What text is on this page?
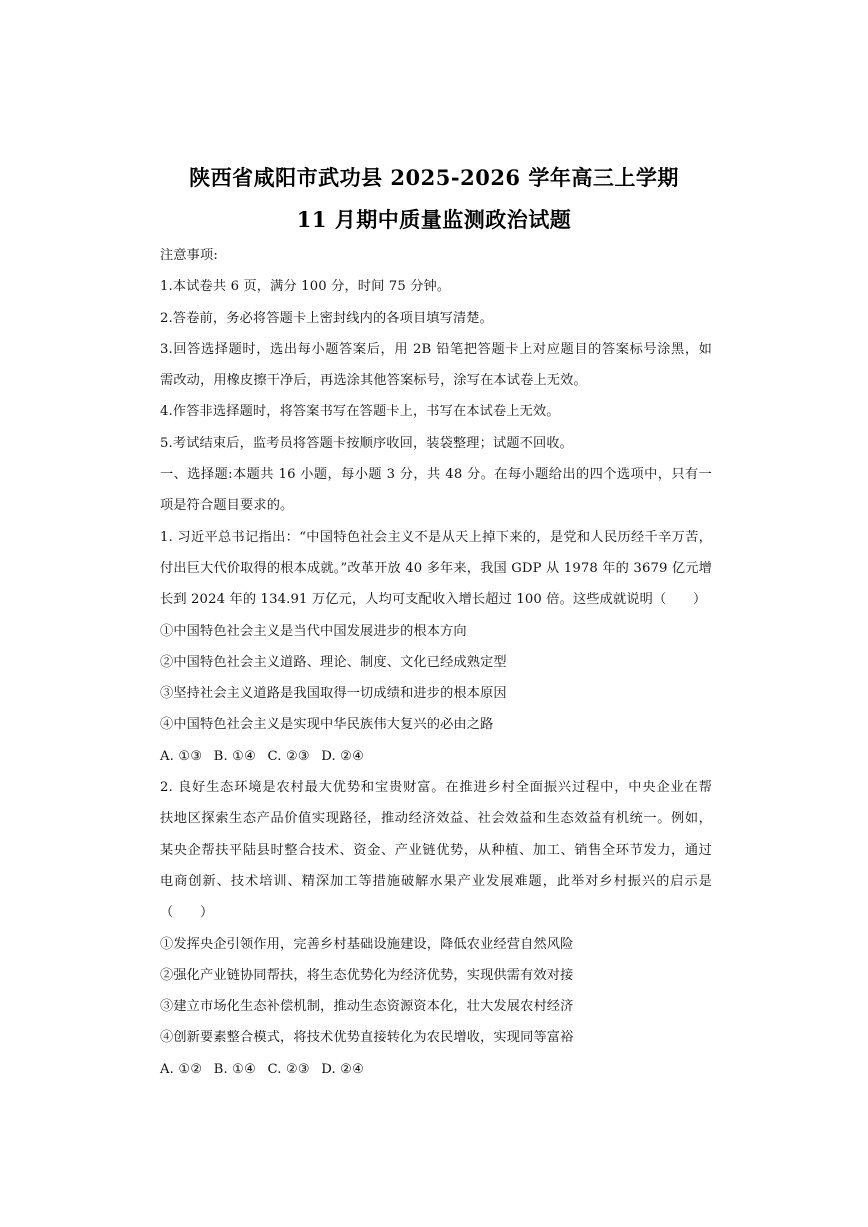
陕西省咸阳市武功县 2025-2026 学年高三上学期
11 月期中质量监测政治试题
注意事项:
1.本试卷共 6 页，满分 100 分，时间 75 分钟。
2.答卷前，务必将答题卡上密封线内的各项目填写清楚。
3.回答选择题时，选出每小题答案后，用 2B 铅笔把答题卡上对应题目的答案标号涂黑，如
需改动，用橡皮擦干净后，再选涂其他答案标号，涂写在本试卷上无效。
4.作答非选择题时，将答案书写在答题卡上，书写在本试卷上无效。
5.考试结束后，监考员将答题卡按顺序收回，装袋整理；试题不回收。
一、选择题:本题共 16 小题，每小题 3 分，共 48 分。在每小题给出的四个选项中，只有一
项是符合题目要求的。
1. 习近平总书记指出：“中国特色社会主义不是从天上掉下来的，是党和人民历经千辛万苦，
付出巨大代价取得的根本成就。”改革开放 40 多年来，我国 GDP 从 1978 年的 3679 亿元增
长到 2024 年的 134.91 万亿元，人均可支配收入增长超过 100 倍。这些成就说明（　　）
①中国特色社会主义是当代中国发展进步的根本方向
②中国特色社会主义道路、理论、制度、文化已经成熟定型
③坚持社会主义道路是我国取得一切成绩和进步的根本原因
④中国特色社会主义是实现中华民族伟大复兴的必由之路
A. ①③ B. ①④ C. ②③ D. ②④
2. 良好生态环境是农村最大优势和宝贵财富。在推进乡村全面振兴过程中，中央企业在帮
扶地区探索生态产品价值实现路径，推动经济效益、社会效益和生态效益有机统一。例如，
某央企帮扶平陆县时整合技术、资金、产业链优势，从种植、加工、销售全环节发力，通过
电商创新、技术培训、精深加工等措施破解水果产业发展难题，此举对乡村振兴的启示是
（　　）
①发挥央企引领作用，完善乡村基础设施建设，降低农业经营自然风险
②强化产业链协同帮扶，将生态优势化为经济优势，实现供需有效对接
③建立市场化生态补偿机制，推动生态资源资本化，壮大发展农村经济
④创新要素整合模式，将技术优势直接转化为农民增收，实现同等富裕
A. ①② B. ①④ C. ②③ D. ②④
